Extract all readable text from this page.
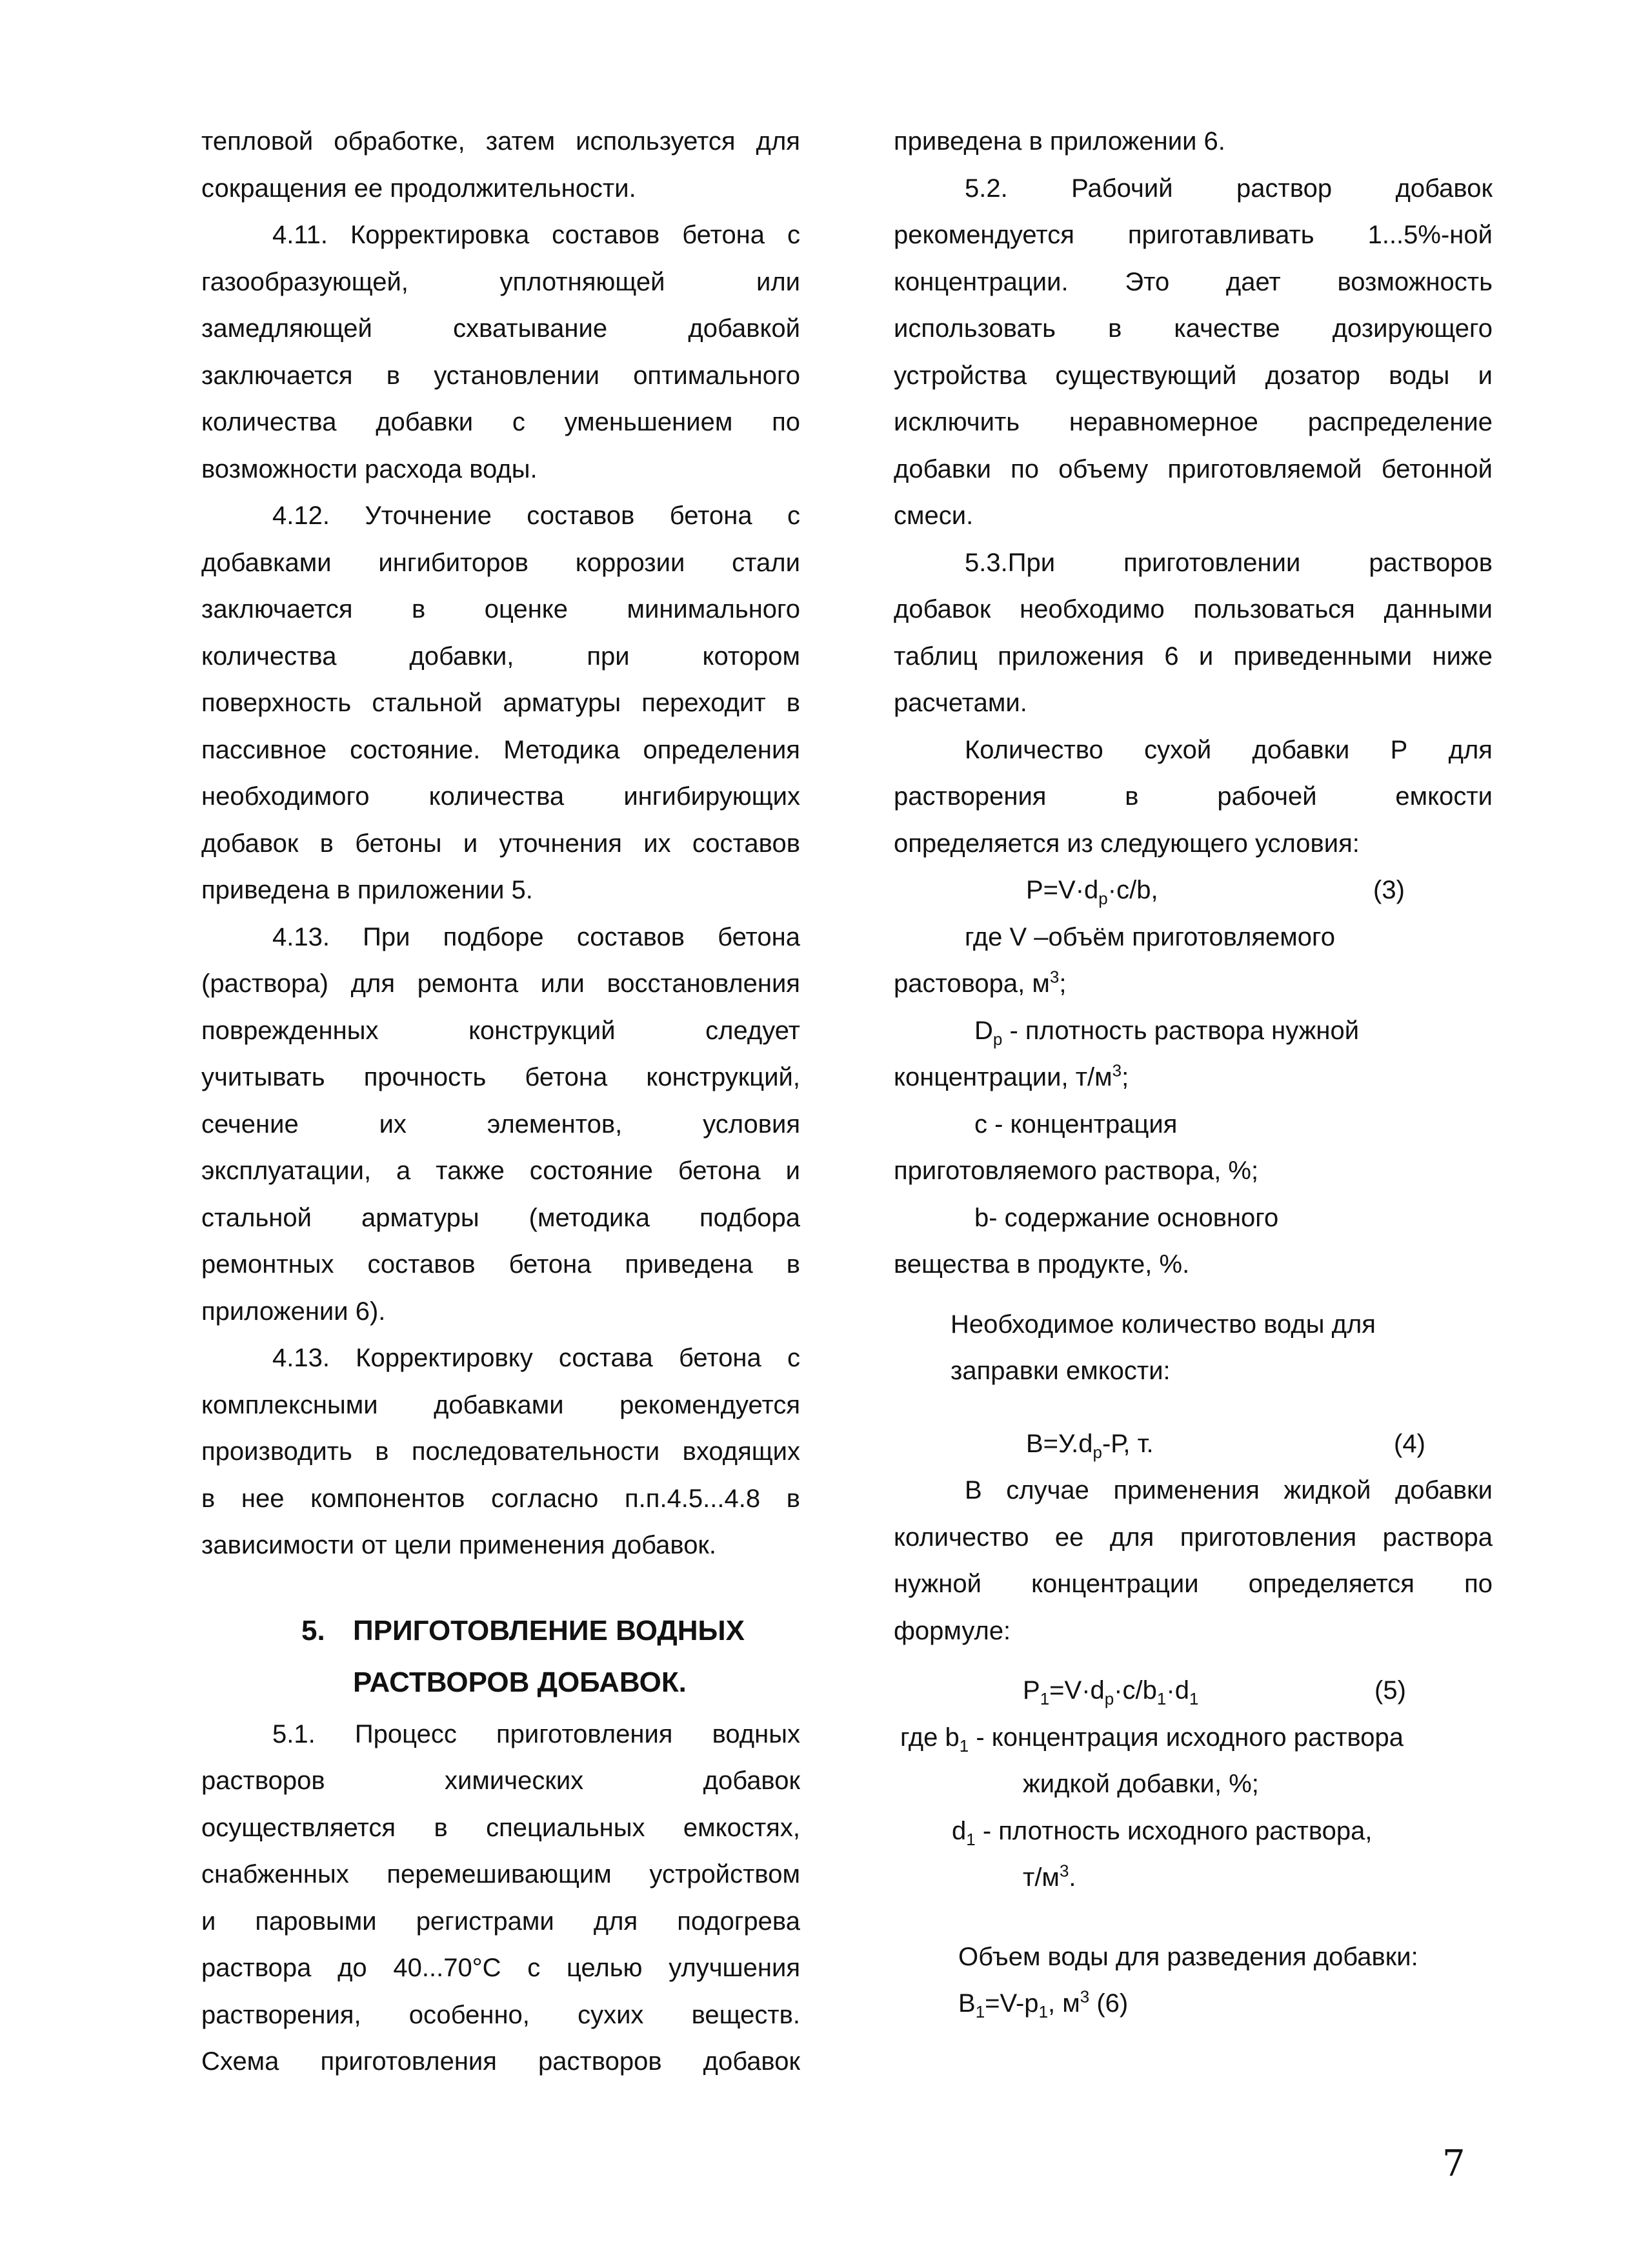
тепловой обработке, затем используется для
сокращения ее продолжительности.
4.11. Корректировка составов бетона с
газообразующей,	уплотняющей	или
замедляющей	схватывание	добавкой
заключается в установлении оптимального
количества добавки с уменьшением по
возможности расхода воды.
4.12. Уточнение составов бетона с
добавками ингибиторов коррозии стали
заключается в оценке минимального
количества	добавки,	при	котором
поверхность стальной арматуры переходит в
пассивное состояние. Методика определения
необходимого количества ингибирующих
добавок в бетоны и уточнения их составов
приведена в приложении 5.
4.13. При подборе составов бетона
(раствора) для ремонта или восстановления
поврежденных	конструкций	следует
учитывать прочность бетона конструкций,
сечение	их	элементов,	условия
эксплуатации, а также состояние бетона и
стальной арматуры (методика подбора
ремонтных составов бетона приведена в
приложении 6).
4.13. Корректировку состава бетона с
комплексными добавками рекомендуется
производить в последовательности входящих
в нее компонентов согласно п.п.4.5...4.8 в
зависимости от цели применения добавок.
5. ПРИГОТОВЛЕНИЕ ВОДНЫХ
РАСТВОРОВ ДОБАВОК.
5.1. Процесс приготовления водных
растворов	химических	добавок
осуществляется в специальных емкостях,
снабженных перемешивающим устройством
и паровыми регистрами для подогрева
раствора до 40...70°С с целью улучшения
растворения, особенно, сухих веществ.
Схема приготовления растворов добавок
приведена в приложении 6.
5.2. Рабочий раствор добавок
рекомендуется приготавливать 1...5%-ной
концентрации. Это дает возможность
использовать в качестве дозирующего
устройства существующий дозатор воды и
исключить неравномерное распределение
добавки по объему приготовляемой бетонной
смеси.
5.3.При	приготовлении	растворов
добавок необходимо пользоваться данными
таблиц приложения 6 и приведенными ниже
расчетами.
Количество сухой добавки Р для
растворения	в	рабочей	емкости
определяется из следующего условия:
$P=V\cdot d_p\cdot c/b$,	(3)
где V –объём приготовляемого
растовора, $м^3$;
$D_p$ - плотность раствора нужной
концентрации, $т/м^3$;
с - концентрация
приготовляемого раствора, %;
b- содержание основного
вещества в продукте, %.
Необходимое количество воды для
заправки емкости:
$В=У.d_p-Р$, т.	(4)
В случае применения жидкой добавки
количество ее для приготовления раствора
нужной концентрации определяется по
формуле:
$P_1=V\cdot d_p\cdot c/b_1\cdot d_1$	(5)
где $b_1$ - концентрация исходного раствора
жидкой добавки, %;
$d_1$ - плотность исходного раствора,
$т/м^3$.
Объем воды для разведения добавки:
$B_1=V-p_1$, $м^3$ (6)
7
